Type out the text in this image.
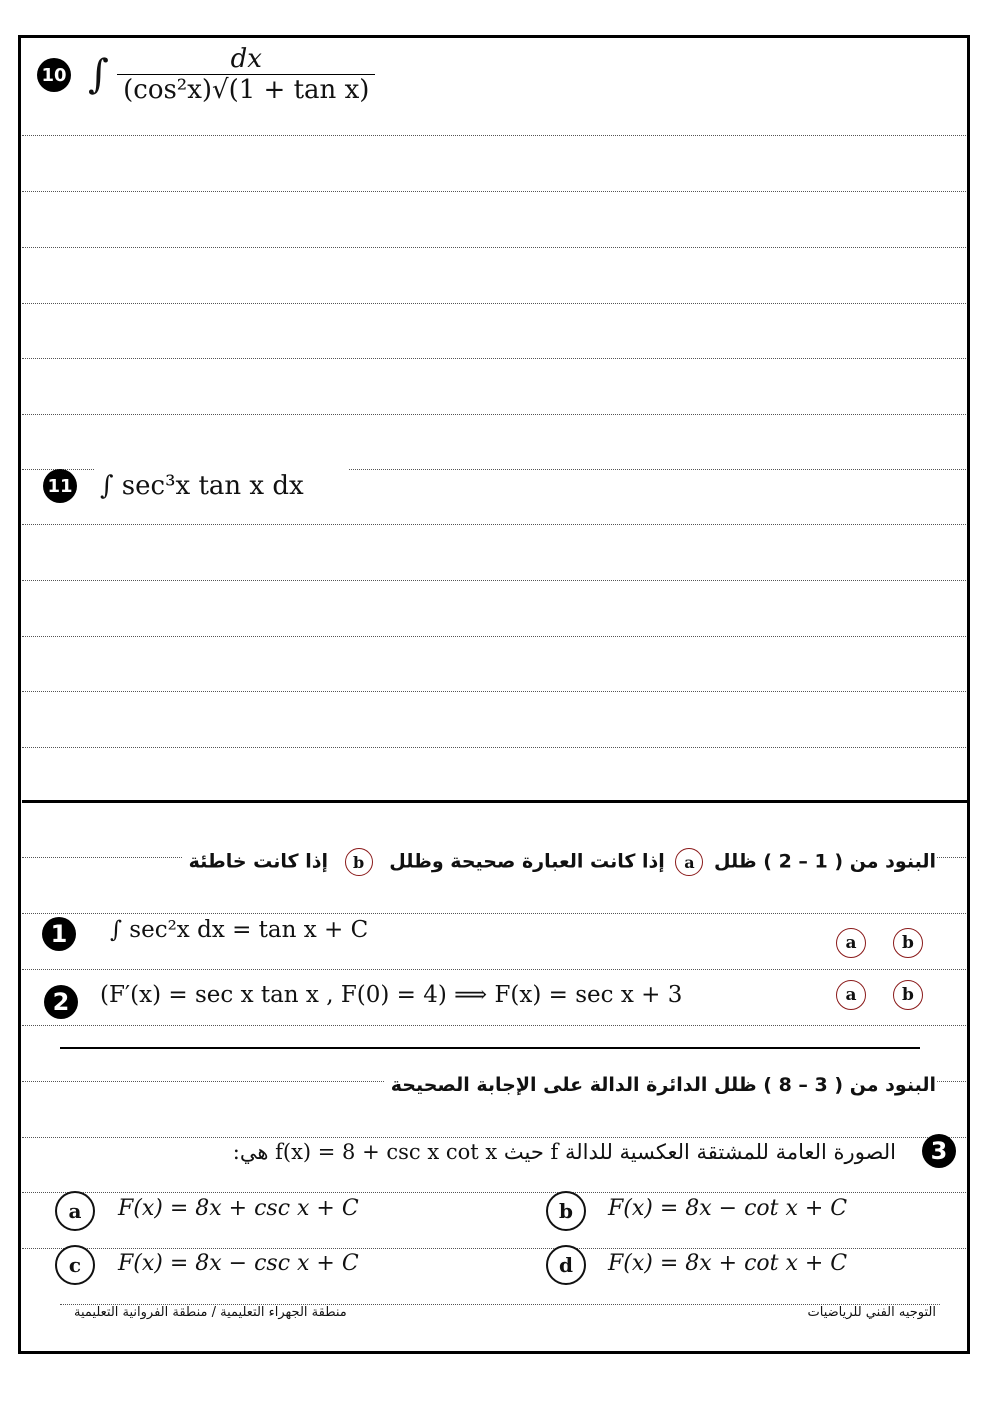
10 ∫ $\frac{dx}{\text{(cos²x)√(1 + tan x)}}$
11 ∫ sec³x tan x dx
البنود من ( 1 – 2 ) ظلل a إذا كانت العبارة صحيحة وظلل b إذا كانت خاطئة
1	∫ sec²x dx = tan x + C	a	b
2	(F′(x) = sec x tan x , F(0) = 4) ⟹ F(x) = sec x + 3	a	b
البنود من ( 3 – 8 ) ظلل الدائرة الدالة على الإجابة الصحيحة
3
الصورة العامة للمشتقة العكسية للدالة f حيث f(x) = 8 + csc x cot x هي:
a	F(x) = 8x + csc x + C	b	F(x) = 8x − cot x + C
c	F(x) = 8x − csc x + C	d	F(x) = 8x + cot x + C
التوجيه الفني للرياضيات
منطقة الجهراء التعليمية / منطقة الفروانية التعليمية
